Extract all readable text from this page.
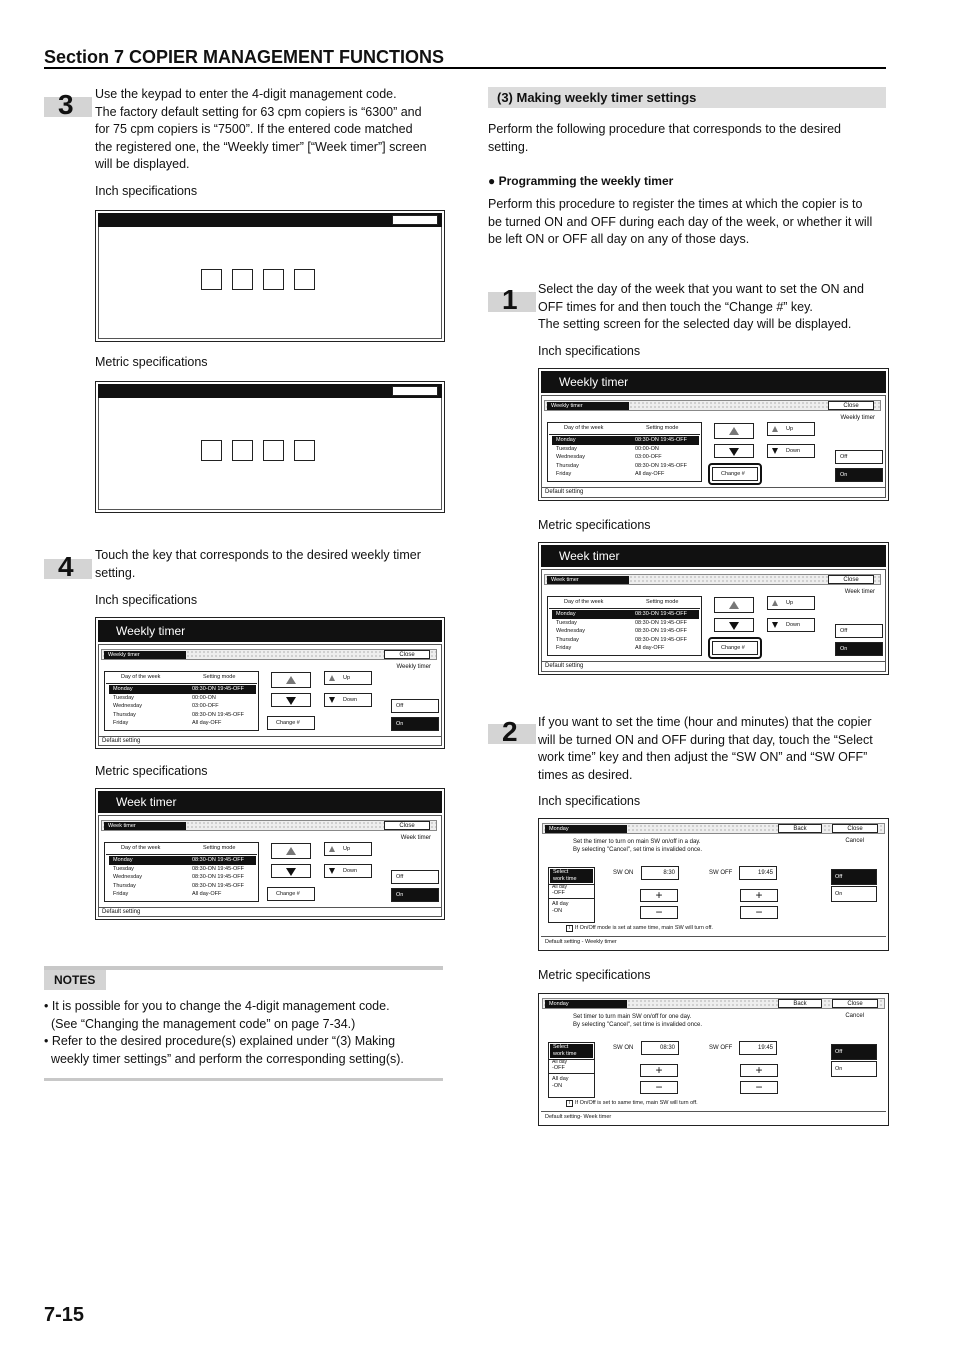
Section 7 COPIER MANAGEMENT FUNCTIONS
3 Use the keypad to enter the 4-digit management code.
The factory default setting for 63 cpm copiers is “6300” and
for 75 cpm copiers is “7500”. If the entered code matched
the registered one, the “Weekly timer” [“Week timer”] screen
will be displayed.
Inch specifications
Metric specifications
4 Touch the key that corresponds to the desired weekly timer
setting.
Inch specifications
Weekly timer
Weekly timer	Close
Weekly timer
Day of the week	Setting mode
Monday	08:30-ON 19:45-OFF
Tuesday	00:00-ON
Wednesday	03:00-OFF
Thursday	08:30-ON 19:45-OFF
Friday	All day-OFF
Up
Down
Change #
Off
On
Default setting
Metric specifications
Week timer
Week timer	Close
Week timer
Day of the week	Setting mode
Monday	08:30-ON 19:45-OFF
Tuesday	08:30-ON 19:45-OFF
Wednesday	08:30-ON 19:45-OFF
Thursday	08:30-ON 19:45-OFF
Friday	All day-OFF
Up
Down
Change #
Off
On
Default setting
NOTES
• It is possible for you to change the 4-digit management code.
(See “Changing the management code” on page 7-34.)
• Refer to the desired procedure(s) explained under “(3) Making
weekly timer settings” and perform the corresponding setting(s).
(3) Making weekly timer settings
Perform the following procedure that corresponds to the desired
setting.
● Programming the weekly timer
Perform this procedure to register the times at which the copier is to
be turned ON and OFF during each day of the week, or whether it will
be left ON or OFF all day on any of those days.
1 Select the day of the week that you want to set the ON and
OFF times for and then touch the “Change #” key.
The setting screen for the selected day will be displayed.
Inch specifications
Weekly timer
Weekly timer	Close
Weekly timer
Day of the week	Setting mode
Monday	08:30-ON 19:45-OFF
Tuesday	00:00-ON
Wednesday	03:00-OFF
Thursday	08:30-ON 19:45-OFF
Friday	All day-OFF
Up
Down
Change #
Off
On
Default setting
Metric specifications
Week timer
Week timer	Close
Week timer
Day of the week	Setting mode
Monday	08:30-ON 19:45-OFF
Tuesday	08:30-ON 19:45-OFF
Wednesday	08:30-ON 19:45-OFF
Thursday	08:30-ON 19:45-OFF
Friday	All day-OFF
Up
Down
Change #
Off
On
Default setting
2 If you want to set the time (hour and minutes) that the copier
will be turned ON and OFF during that day, touch the “Select
work time” key and then adjust the “SW ON” and “SW OFF”
times as desired.
Inch specifications
Monday	Back	Close
Set the timer to turn on main SW on/off in a day.
By selecting "Cancel", set time is invalided once.
Cancel
Select
work time
All day
-OFF
All day
-ON
SW ON	8:30	SW OFF	19:45
+
−
+
−
Off
On
i If On/Off mode is set at same time, main SW will turn off.
Default setting - Weekly timer
Metric specifications
Monday	Back	Close
Set timer to turn main SW on/off for one day.
By selecting "Cancel", set time is invalided once.
Cancel
Select
work time
All day
-OFF
All day
-ON
SW ON	08:30	SW OFF	19:45
+
−
+
−
Off
On
i If On/Off is set to same time, main SW will turn off.
Default setting- Week timer
7-15
